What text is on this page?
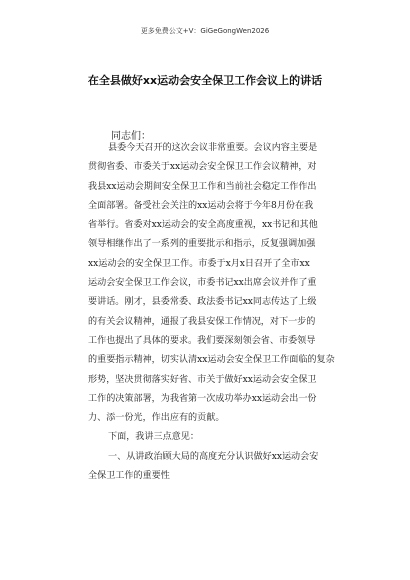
更多免费公文+V：GiGeGongWen2026
在全县做好xx运动会安全保卫工作会议上的讲话
同志们：
县委今天召开的这次会议非常重要。会议内容主要是
贯彻省委、市委关于xx运动会安全保卫工作会议精神，对
我县xx运动会期间安全保卫工作和当前社会稳定工作作出
全面部署。备受社会关注的xx运动会将于今年8月份在我
省举行。省委对xx运动会的安全高度重视，xx书记和其他
领导相继作出了一系列的重要批示和指示，反复强调加强
xx运动会的安全保卫工作。市委于x月x日召开了全市xx
运动会安全保卫工作会议，市委书记xx出席会议并作了重
要讲话。刚才，县委常委、政法委书记xx同志传达了上级
的有关会议精神，通报了我县安保工作情况，对下一步的
工作也提出了具体的要求。我们要深刻领会省、市委领导
的重要指示精神，切实认清xx运动会安全保卫工作面临的复杂
形势，坚决贯彻落实好省、市关于做好xx运动会安全保卫
工作的决策部署，为我省第一次成功举办xx运动会出一份
力、添一份光，作出应有的贡献。
下面，我讲三点意见：
一、从讲政治顾大局的高度充分认识做好xx运动会安
全保卫工作的重要性
